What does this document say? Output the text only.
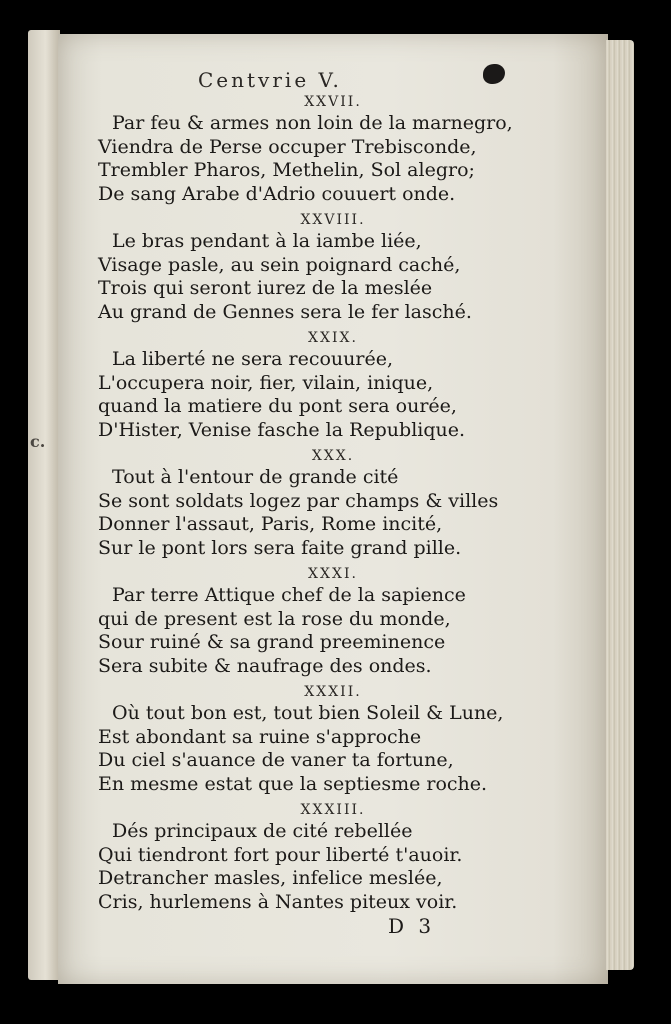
c.
Centvrie V.
XXVII.
Par feu & armes non loin de la marnegro,
Viendra de Perse occuper Trebisconde,
Trembler Pharos, Methelin, Sol alegro;
De sang Arabe d'Adrio couuert onde.
XXVIII.
Le bras pendant à la iambe liée,
Visage pasle, au sein poignard caché,
Trois qui seront iurez de la meslée
Au grand de Gennes sera le fer lasché.
XXIX.
La liberté ne sera recouurée,
L'occupera noir, fier, vilain, inique,
quand la matiere du pont sera ourée,
D'Hister, Venise fasche la Republique.
XXX.
Tout à l'entour de grande cité
Se sont soldats logez par champs & villes
Donner l'assaut, Paris, Rome incité,
Sur le pont lors sera faite grand pille.
XXXI.
Par terre Attique chef de la sapience
qui de present est la rose du monde,
Sour ruiné & sa grand preeminence
Sera subite & naufrage des ondes.
XXXII.
Où tout bon est, tout bien Soleil & Lune,
Est abondant sa ruine s'approche
Du ciel s'auance de vaner ta fortune,
En mesme estat que la septiesme roche.
XXXIII.
Dés principaux de cité rebellée
Qui tiendront fort pour liberté t'auoir.
Detrancher masles, infelice meslée,
Cris, hurlemens à Nantes piteux voir.
D 3
